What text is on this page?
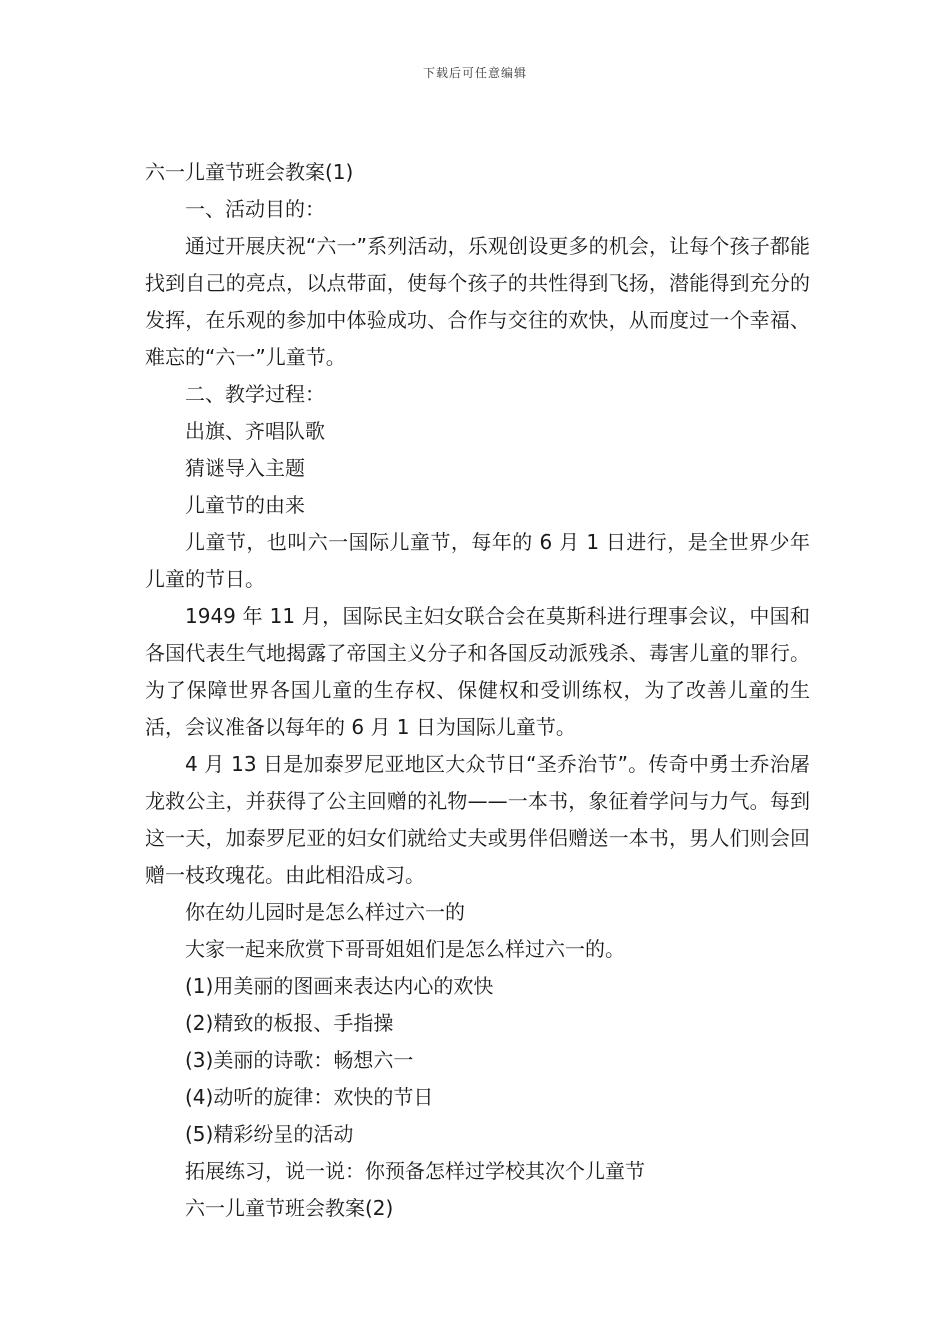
下载后可任意编辑

六一儿童节班会教案(1)

一、活动目的：

通过开展庆祝“六一”系列活动，乐观创设更多的机会，让每个孩子都能找到自己的亮点，以点带面，使每个孩子的共性得到飞扬，潜能得到充分的发挥，在乐观的参加中体验成功、合作与交往的欢快，从而度过一个幸福、难忘的“六一”儿童节。

二、教学过程：

出旗、齐唱队歌

猜谜导入主题

儿童节的由来

儿童节，也叫六一国际儿童节，每年的 6 月 1 日进行，是全世界少年儿童的节日。

1949 年 11 月，国际民主妇女联合会在莫斯科进行理事会议，中国和各国代表生气地揭露了帝国主义分子和各国反动派残杀、毒害儿童的罪行。为了保障世界各国儿童的生存权、保健权和受训练权，为了改善儿童的生活，会议准备以每年的 6 月 1 日为国际儿童节。

4 月 13 日是加泰罗尼亚地区大众节日“圣乔治节”。传奇中勇士乔治屠龙救公主，并获得了公主回赠的礼物——一本书，象征着学问与力气。每到这一天，加泰罗尼亚的妇女们就给丈夫或男伴侣赠送一本书，男人们则会回赠一枝玫瑰花。由此相沿成习。

你在幼儿园时是怎么样过六一的

大家一起来欣赏下哥哥姐姐们是怎么样过六一的。

(1)用美丽的图画来表达内心的欢快

(2)精致的板报、手指操

(3)美丽的诗歌：畅想六一

(4)动听的旋律：欢快的节日

(5)精彩纷呈的活动

拓展练习，说一说：你预备怎样过学校其次个儿童节

六一儿童节班会教案(2)
